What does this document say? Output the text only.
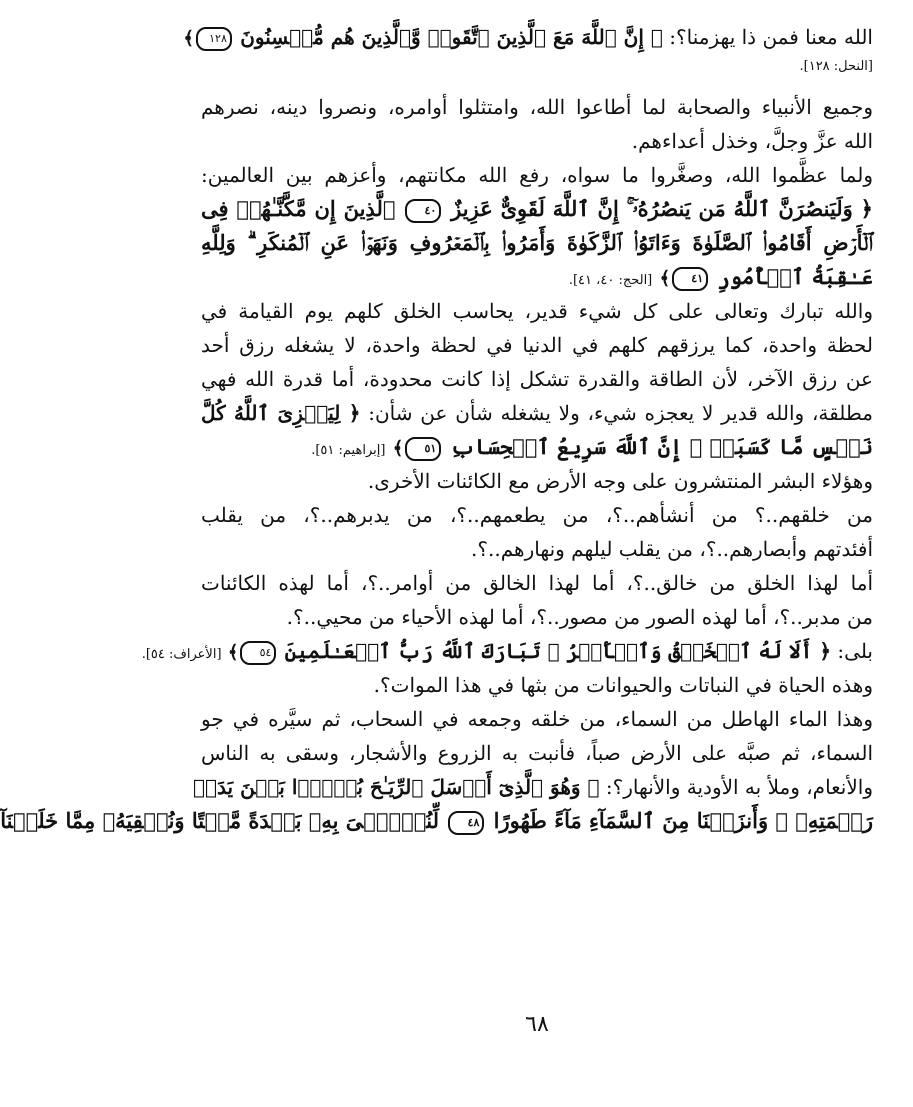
الله معنا فمن ذا يهزمنا؟: ﴿ إِنَّ ٱللَّهَ مَعَ ٱلَّذِينَ ٱتَّقَوا۟ وَّٱلَّذِينَ هُم مُّحۡسِنُونَ ١٢٨﴾
[النحل: ١٢٨].
وجميع الأنبياء والصحابة لما أطاعوا الله، وامتثلوا أوامره، ونصروا دينه، نصرهم
الله عزَّ وجلَّ، وخذل أعداءهم.
ولما عظَّموا الله، وصغَّروا ما سواه، رفع الله مكانتهم، وأعزهم بين العالمين:
﴿ وَلَيَنصُرَنَّ ٱللَّهُ مَن يَنصُرُهُۥٓ ۚ إِنَّ ٱللَّهَ لَقَوِىٌّ عَزِيزٌ ٤٠ ٱلَّذِينَ إِن مَّكَّنَّـٰهُمۡ فِى
ٱلۡأَرۡضِ أَقَامُوا۟ ٱلصَّلَوٰةَ وَءَاتَوُا۟ ٱلزَّكَوٰةَ وَأَمَرُوا۟ بِٱلۡمَعۡرُوفِ وَنَهَوۡا۟ عَنِ ٱلۡمُنكَرِ ۗ وَلِلَّهِ
عَـٰقِبَةُ ٱلۡأُمُورِ ٤١﴾ [الحج: ٤٠، ٤١].
والله تبارك وتعالى على كل شيء قدير، يحاسب الخلق كلهم يوم القيامة في
لحظة واحدة، كما يرزقهم كلهم في الدنيا في لحظة واحدة، لا يشغله رزق أحد
عن رزق الآخر، لأن الطاقة والقدرة تشكل إذا كانت محدودة، أما قدرة الله فهي
مطلقة، والله قدير لا يعجزه شيء، ولا يشغله شأن عن شأن: ﴿ لِيَجۡزِىَ ٱللَّهُ كُلَّ
نَفۡسٍ مَّا كَسَبَتۡ ۚ إِنَّ ٱللَّهَ سَرِيعُ ٱلۡحِسَابِ ٥١﴾ [إبراهيم: ٥١].
وهؤلاء البشر المنتشرون على وجه الأرض مع الكائنات الأخرى.
من خلقهم..؟ من أنشأهم..؟، من يطعمهم..؟، من يدبرهم..؟، من يقلب
أفئدتهم وأبصارهم..؟، من يقلب ليلهم ونهارهم..؟.
أما لهذا الخلق من خالق..؟، أما لهذا الخالق من أوامر..؟، أما لهذه الكائنات
من مدبر..؟، أما لهذه الصور من مصور..؟، أما لهذه الأحياء من محيي..؟.
بلى: ﴿ أَلَا لَهُ ٱلۡخَلۡقُ وَٱلۡأَمۡرُ ۗ تَبَارَكَ ٱللَّهُ رَبُّ ٱلۡعَـٰلَمِينَ ٥٤﴾ [الأعراف: ٥٤].
وهذه الحياة في النباتات والحيوانات من بثها في هذا الموات؟.
وهذا الماء الهاطل من السماء، من خلقه وجمعه في السحاب، ثم سيَّره في جو
السماء، ثم صبَّه على الأرض صباً، فأنبت به الزروع والأشجار، وسقى به الناس
والأنعام، وملأ به الأودية والأنهار؟: ﴿ وَهُوَ ٱلَّذِىٓ أَرۡسَلَ ٱلرِّيَـٰحَ بُشۡرًۢا بَيۡنَ يَدَىۡ
رَحۡمَتِهِۦ ۚ وَأَنزَلۡنَا مِنَ ٱلسَّمَآءِ مَآءً طَهُورًا ٤٨ لِّنُحۡـِۧىَ بِهِۦ بَلۡدَةً مَّيۡتًا وَنُسۡقِيَهُۥ مِمَّا خَلَقۡنَآ
٦٨
